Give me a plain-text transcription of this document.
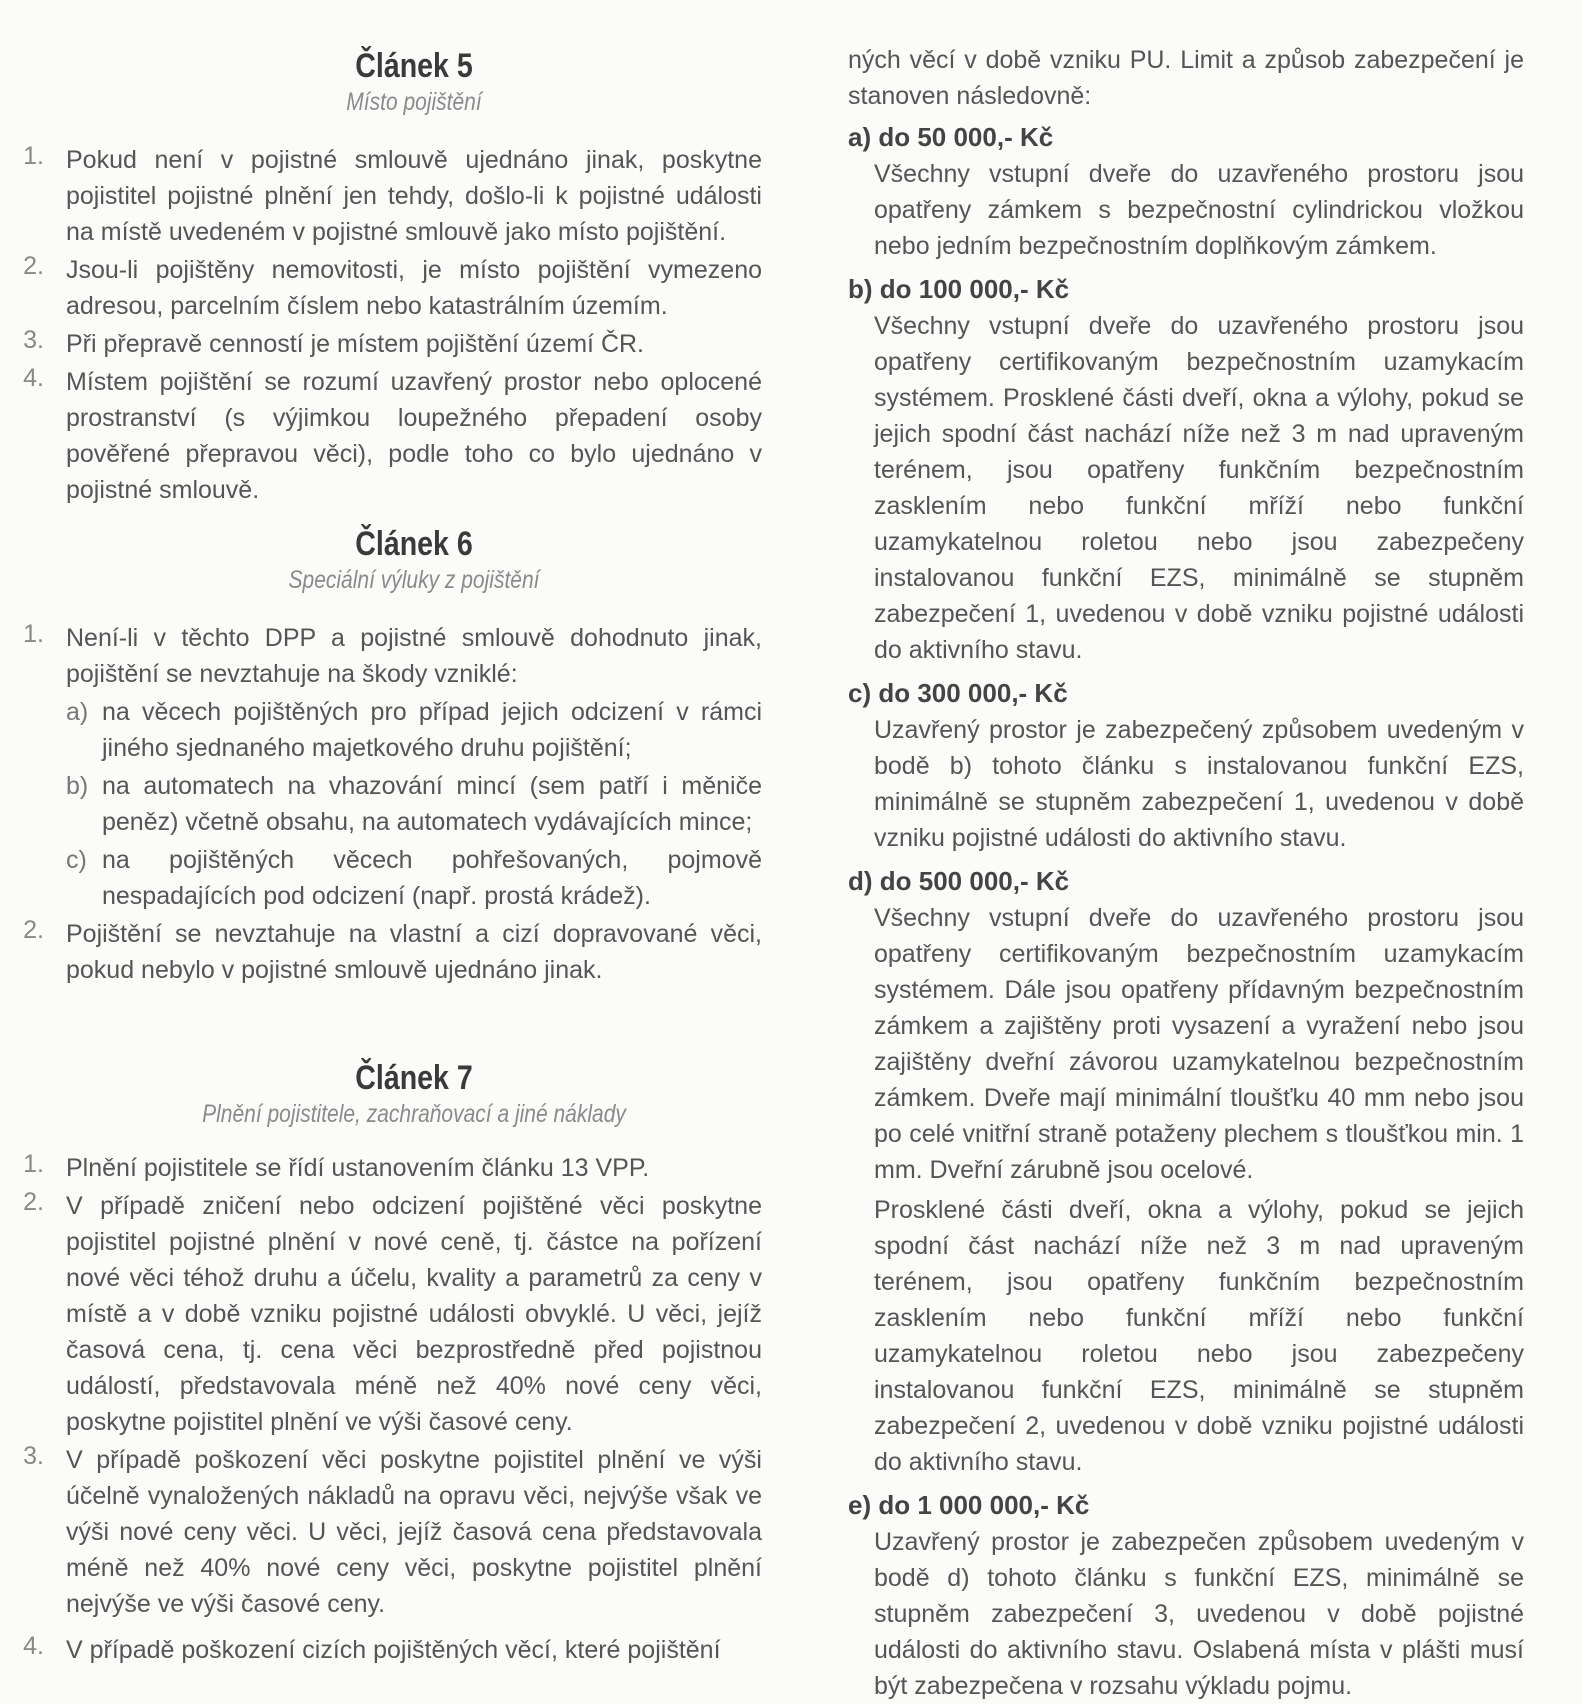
Článek 5

Místo pojištění

1. Pokud není v pojistné smlouvě ujednáno jinak, poskytne pojistitel pojistné plnění jen tehdy, došlo-li k pojistné události na místě uvedeném v pojistné smlouvě jako místo pojištění.
2. Jsou-li pojištěny nemovitosti, je místo pojištění vymezeno adresou, parcelním číslem nebo katastrálním územím.
3. Při přepravě cenností je místem pojištění území ČR.
4. Místem pojištění se rozumí uzavřený prostor nebo oplocené prostranství (s výjimkou loupežného přepadení osoby pověřené přepravou věci), podle toho co bylo ujednáno v pojistné smlouvě.

Článek 6

Speciální výluky z pojištění

1. Není-li v těchto DPP a pojistné smlouvě dohodnuto jinak, pojištění se nevztahuje na škody vzniklé:
a) na věcech pojištěných pro případ jejich odcizení v rámci jiného sjednaného majetkového druhu pojištění;
b) na automatech na vhazování mincí (sem patří i měniče peněz) včetně obsahu, na automatech vydávajících mince;
c) na pojištěných věcech pohřešovaných, pojmově nespadajících pod odcizení (např. prostá krádež).
2. Pojištění se nevztahuje na vlastní a cizí dopravované věci, pokud nebylo v pojistné smlouvě ujednáno jinak.

Článek 7

Plnění pojistitele, zachraňovací a jiné náklady

1. Plnění pojistitele se řídí ustanovením článku 13 VPP.
2. V případě zničení nebo odcizení pojištěné věci poskytne pojistitel pojistné plnění v nové ceně, tj. částce na pořízení nové věci téhož druhu a účelu, kvality a parametrů za ceny v místě a v době vzniku pojistné události obvyklé. U věci, jejíž časová cena, tj. cena věci bezprostředně před pojistnou událostí, představovala méně než 40% nové ceny věci, poskytne pojistitel plnění ve výši časové ceny.
3. V případě poškození věci poskytne pojistitel plnění ve výši účelně vynaložených nákladů na opravu věci, nejvýše však ve výši nové ceny věci. U věci, jejíž časová cena představovala méně než 40% nové ceny věci, poskytne pojistitel plnění nejvýše ve výši časové ceny.
4. V případě poškození cizích pojištěných věcí, které pojištění
ných věcí v době vzniku PU. Limit a způsob zabezpečení je stanoven následovně:

a) do 50 000,- Kč

Všechny vstupní dveře do uzavřeného prostoru jsou opatřeny zámkem s bezpečnostní cylindrickou vložkou nebo jedním bezpečnostním doplňkovým zámkem.

b) do 100 000,- Kč

Všechny vstupní dveře do uzavřeného prostoru jsou opatřeny certifikovaným bezpečnostním uzamykacím systémem. Prosklené části dveří, okna a výlohy, pokud se jejich spodní část nachází níže než 3 m nad upraveným terénem, jsou opatřeny funkčním bezpečnostním zasklením nebo funkční mříží nebo funkční uzamykatelnou roletou nebo jsou zabezpečeny instalovanou funkční EZS, minimálně se stupněm zabezpečení 1, uvedenou v době vzniku pojistné události do aktivního stavu.

c) do 300 000,- Kč

Uzavřený prostor je zabezpečený způsobem uvedeným v bodě b) tohoto článku s instalovanou funkční EZS, minimálně se stupněm zabezpečení 1, uvedenou v době vzniku pojistné události do aktivního stavu.

d) do 500 000,- Kč

Všechny vstupní dveře do uzavřeného prostoru jsou opatřeny certifikovaným bezpečnostním uzamykacím systémem. Dále jsou opatřeny přídavným bezpečnostním zámkem a zajištěny proti vysazení a vyražení nebo jsou zajištěny dveřní závorou uzamykatelnou bezpečnostním zámkem. Dveře mají minimální tloušťku 40 mm nebo jsou po celé vnitřní straně potaženy plechem s tloušťkou min. 1 mm. Dveřní zárubně jsou ocelové.

Prosklené části dveří, okna a výlohy, pokud se jejich spodní část nachází níže než 3 m nad upraveným terénem, jsou opatřeny funkčním bezpečnostním zasklením nebo funkční mříží nebo funkční uzamykatelnou roletou nebo jsou zabezpečeny instalovanou funkční EZS, minimálně se stupněm zabezpečení 2, uvedenou v době vzniku pojistné události do aktivního stavu.

e) do 1 000 000,- Kč

Uzavřený prostor je zabezpečen způsobem uvedeným v bodě d) tohoto článku s funkční EZS, minimálně se stupněm zabezpečení 3, uvedenou v době pojistné události do aktivního stavu. Oslabená místa v plášti musí být zabezpečena v rozsahu výkladu pojmu.
